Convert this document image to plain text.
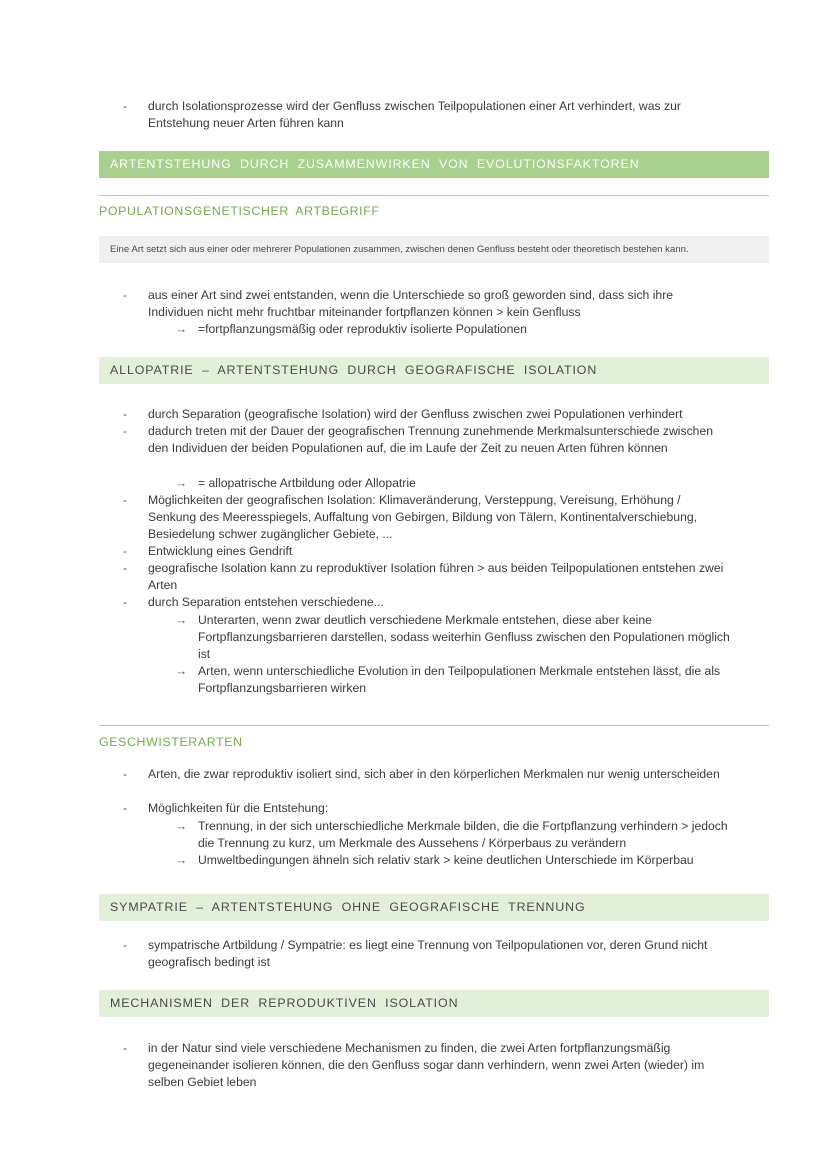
- durch Isolationsprozesse wird der Genfluss zwischen Teilpopulationen einer Art verhindert, was zur Entstehung neuer Arten führen kann
ARTENTSTEHUNG DURCH ZUSAMMENWIRKEN VON EVOLUTIONSFAKTOREN
POPULATIONSGENETISCHER ARTBEGRIFF
Eine Art setzt sich aus einer oder mehrerer Populationen zusammen, zwischen denen Genfluss besteht oder theoretisch bestehen kann.
- aus einer Art sind zwei entstanden, wenn die Unterschiede so groß geworden sind, dass sich ihre Individuen nicht mehr fruchtbar miteinander fortpflanzen können > kein Genfluss
→ =fortpflanzungsmäßig oder reproduktiv isolierte Populationen
ALLOPATRIE – ARTENTSTEHUNG DURCH GEOGRAFISCHE ISOLATION
- durch Separation (geografische Isolation) wird der Genfluss zwischen zwei Populationen verhindert
- dadurch treten mit der Dauer der geografischen Trennung zunehmende Merkmalsunterschiede zwischen den Individuen der beiden Populationen auf, die im Laufe der Zeit zu neuen Arten führen können
→ = allopatrische Artbildung oder Allopatrie
- Möglichkeiten der geografischen Isolation: Klimaveränderung, Versteppung, Vereisung, Erhöhung / Senkung des Meeresspiegels, Auffaltung von Gebirgen, Bildung von Tälern, Kontinentalverschiebung, Besiedelung schwer zugänglicher Gebiete, ...
- Entwicklung eines Gendrift
- geografische Isolation kann zu reproduktiver Isolation führen > aus beiden Teilpopulationen entstehen zwei Arten
- durch Separation entstehen verschiedene...
→ Unterarten, wenn zwar deutlich verschiedene Merkmale entstehen, diese aber keine Fortpflanzungsbarrieren darstellen, sodass weiterhin Genfluss zwischen den Populationen möglich ist
→ Arten, wenn unterschiedliche Evolution in den Teilpopulationen Merkmale entstehen lässt, die als Fortpflanzungsbarrieren wirken
GESCHWISTERARTEN
- Arten, die zwar reproduktiv isoliert sind, sich aber in den körperlichen Merkmalen nur wenig unterscheiden
- Möglichkeiten für die Entstehung:
→ Trennung, in der sich unterschiedliche Merkmale bilden, die die Fortpflanzung verhindern > jedoch die Trennung zu kurz, um Merkmale des Aussehens / Körperbaus zu verändern
→ Umweltbedingungen ähneln sich relativ stark > keine deutlichen Unterschiede im Körperbau
SYMPATRIE – ARTENTSTEHUNG OHNE GEOGRAFISCHE TRENNUNG
- sympatrische Artbildung / Sympatrie: es liegt eine Trennung von Teilpopulationen vor, deren Grund nicht geografisch bedingt ist
MECHANISMEN DER REPRODUKTIVEN ISOLATION
- in der Natur sind viele verschiedene Mechanismen zu finden, die zwei Arten fortpflanzungsmäßig gegeneinander isolieren können, die den Genfluss sogar dann verhindern, wenn zwei Arten (wieder) im selben Gebiet leben
